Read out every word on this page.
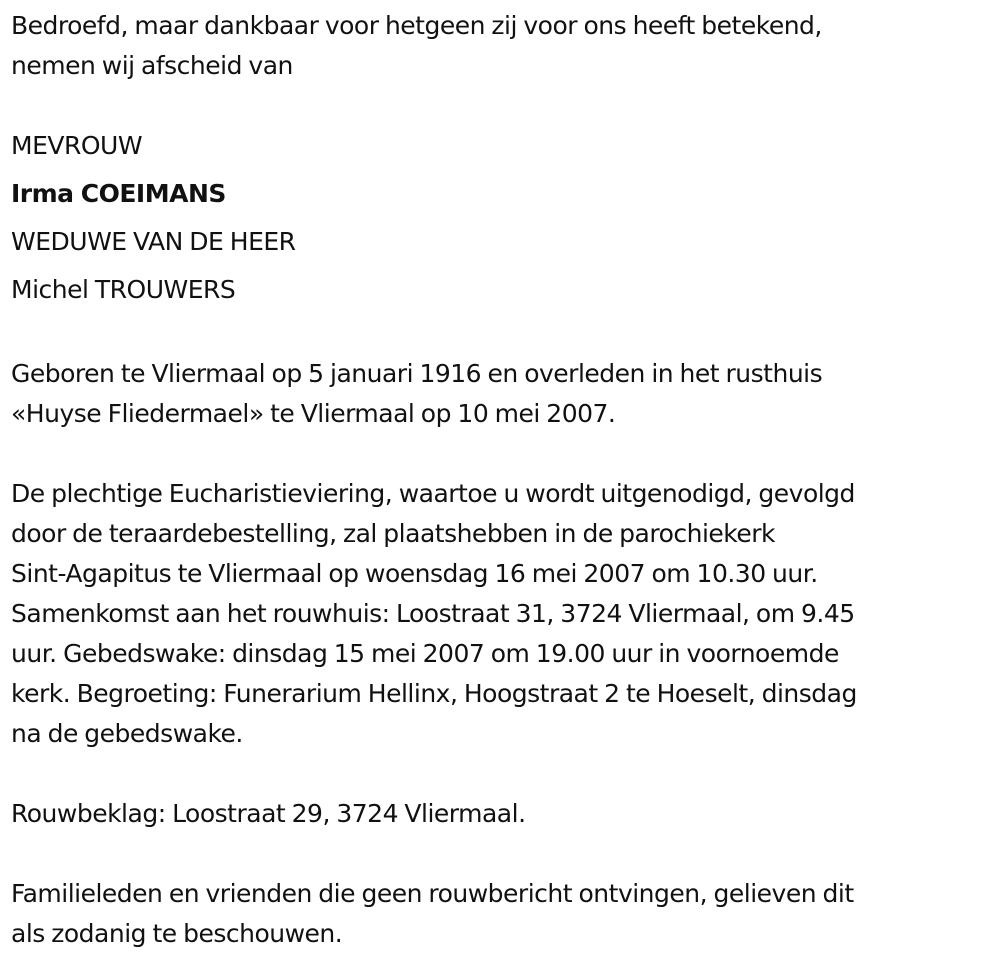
Bedroefd, maar dankbaar voor hetgeen zij voor ons heeft betekend,
nemen wij afscheid van

MEVROUW
Irma COEIMANS
WEDUWE VAN DE HEER
Michel TROUWERS

Geboren te Vliermaal op 5 januari 1916 en overleden in het rusthuis
«Huyse Fliedermael» te Vliermaal op 10 mei 2007.

De plechtige Eucharistieviering, waartoe u wordt uitgenodigd, gevolgd
door de teraardebestelling, zal plaatshebben in de parochiekerk
Sint-Agapitus te Vliermaal op woensdag 16 mei 2007 om 10.30 uur.
Samenkomst aan het rouwhuis: Loostraat 31, 3724 Vliermaal, om 9.45
uur. Gebedswake: dinsdag 15 mei 2007 om 19.00 uur in voornoemde
kerk. Begroeting: Funerarium Hellinx, Hoogstraat 2 te Hoeselt, dinsdag
na de gebedswake.

Rouwbeklag: Loostraat 29, 3724 Vliermaal.

Familieleden en vrienden die geen rouwbericht ontvingen, gelieven dit
als zodanig te beschouwen.
